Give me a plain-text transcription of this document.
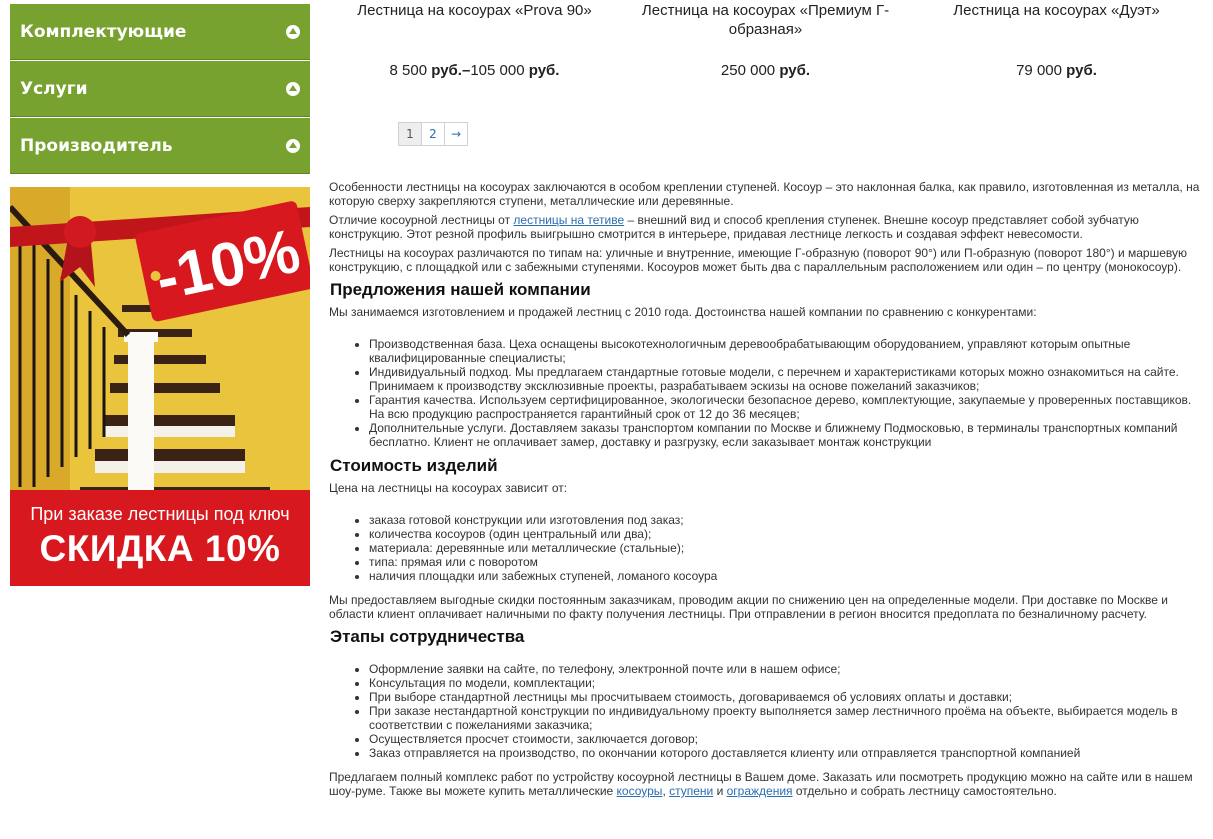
Комплектующие
Услуги
Производитель
-10%
При заказе лестницы под ключ
СКИДКА 10%
Лестница на косоурах «Prova 90»
8 500 руб.–105 000 руб.
Лестница на косоурах «Премиум Г-образная»
250 000 руб.
Лестница на косоурах «Дуэт»
79 000 руб.
1	2	→

Особенности лестницы на косоурах заключаются в особом креплении ступеней. Косоур – это наклонная балка, как правило, изготовленная из металла, на которую сверху закрепляются ступени, металлические или деревянные.

Отличие косоурной лестницы от лестницы на тетиве – внешний вид и способ крепления ступенек. Внешне косоур представляет собой зубчатую конструкцию. Этот резной профиль выигрышно смотрится в интерьере, придавая лестнице легкость и создавая эффект невесомости.

Лестницы на косоурах различаются по типам на: уличные и внутренние, имеющие Г-образную (поворот 90°) или П-образную (поворот 180°) и маршевую конструкцию, с площадкой или с забежными ступенями. Косоуров может быть два с параллельным расположением или один – по центру (монокосоур).

Предложения нашей компании

Мы занимаемся изготовлением и продажей лестниц с 2010 года. Достоинства нашей компании по сравнению с конкурентами:

• Производственная база. Цеха оснащены высокотехнологичным деревообрабатывающим оборудованием, управляют которым опытные квалифицированные специалисты;
• Индивидуальный подход. Мы предлагаем стандартные готовые модели, с перечнем и характеристиками которых можно ознакомиться на сайте. Принимаем к производству эксклюзивные проекты, разрабатываем эскизы на основе пожеланий заказчиков;
• Гарантия качества. Используем сертифицированное, экологически безопасное дерево, комплектующие, закупаемые у проверенных поставщиков. На всю продукцию распространяется гарантийный срок от 12 до 36 месяцев;
• Дополнительные услуги. Доставляем заказы транспортом компании по Москве и ближнему Подмосковью, в терминалы транспортных компаний бесплатно. Клиент не оплачивает замер, доставку и разгрузку, если заказывает монтаж конструкции
Стоимость изделий

Цена на лестницы на косоурах зависит от:

• заказа готовой конструкции или изготовления под заказ;
• количества косоуров (один центральный или два);
• материала: деревянные или металлические (стальные);
• типа: прямая или с поворотом
• наличия площадки или забежных ступеней, ломаного косоура

Мы предоставляем выгодные скидки постоянным заказчикам, проводим акции по снижению цен на определенные модели. При доставке по Москве и области клиент оплачивает наличными по факту получения лестницы. При отправлении в регион вносится предоплата по безналичному расчету.

Этапы сотрудничества
• Оформление заявки на сайте, по телефону, электронной почте или в нашем офисе;
• Консультация по модели, комплектации;
• При выборе стандартной лестницы мы просчитываем стоимость, договариваемся об условиях оплаты и доставки;
• При заказе нестандартной конструкции по индивидуальному проекту выполняется замер лестничного проёма на объекте, выбирается модель в соответствии с пожеланиями заказчика;
• Осуществляется просчет стоимости, заключается договор;
• Заказ отправляется на производство, по окончании которого доставляется клиенту или отправляется транспортной компанией

Предлагаем полный комплекс работ по устройству косоурной лестницы в Вашем доме. Заказать или посмотреть продукцию можно на сайте или в нашем шоу-руме. Также вы можете купить металлические косоуры, ступени и ограждения отдельно и собрать лестницу самостоятельно.
